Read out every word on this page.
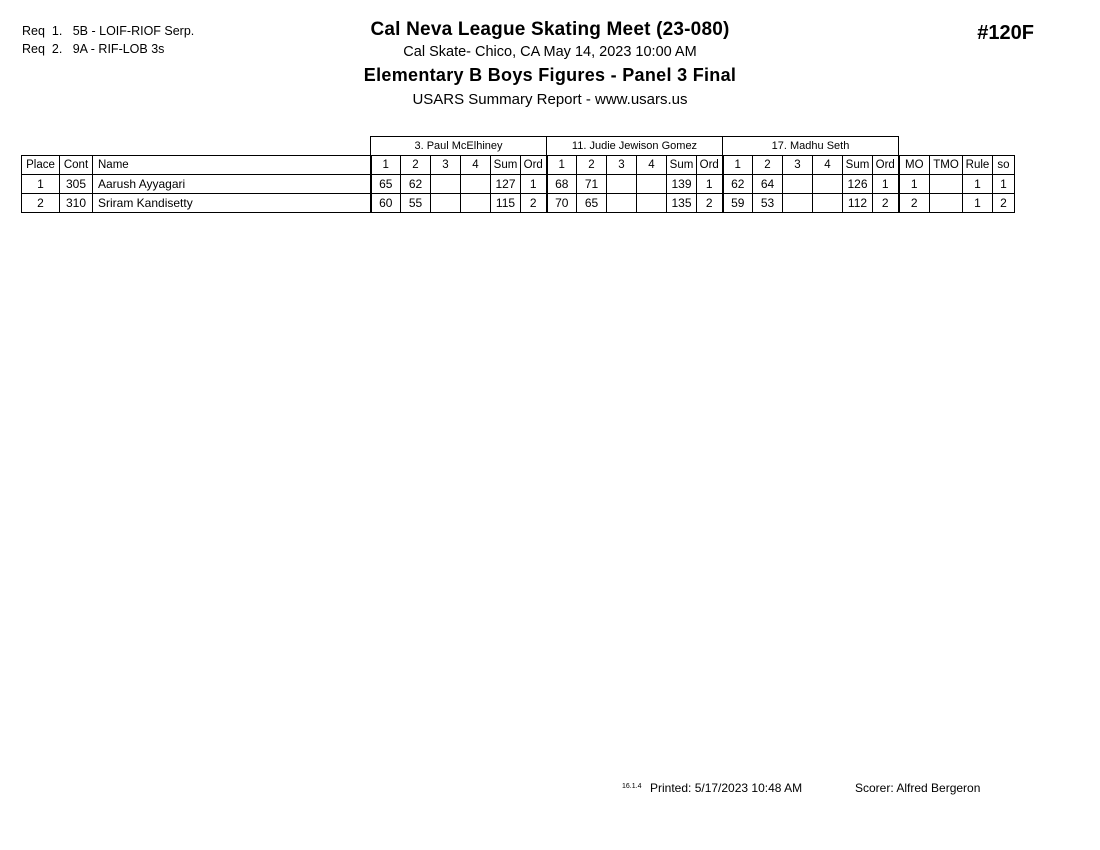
Req  1.   5B - LOIF-RIOF Serp.
Req  2.   9A - RIF-LOB 3s
Cal Neva League Skating Meet (23-080)
Cal Skate- Chico, CA May 14, 2023 10:00 AM
Elementary B Boys Figures - Panel 3 Final
USARS Summary Report - www.usars.us
#120F
			3. Paul McElhiney						11. Judie Jewison Gomez						17. Madhu Seth									
Place	Cont	Name	1	2	3	4	Sum	Ord	1	2	3	4	Sum	Ord	1	2	3	4	Sum	Ord	MO	TMO	Rule	so
1	305	Aarush Ayyagari	65	62			127	1	68	71			139	1	62	64			126	1	1		1	1
2	310	Sriram Kandisetty	60	55			115	2	70	65			135	2	59	53			112	2	2		1	2
16.1.4 Printed: 5/17/2023 10:48 AM	Scorer: Alfred Bergeron
